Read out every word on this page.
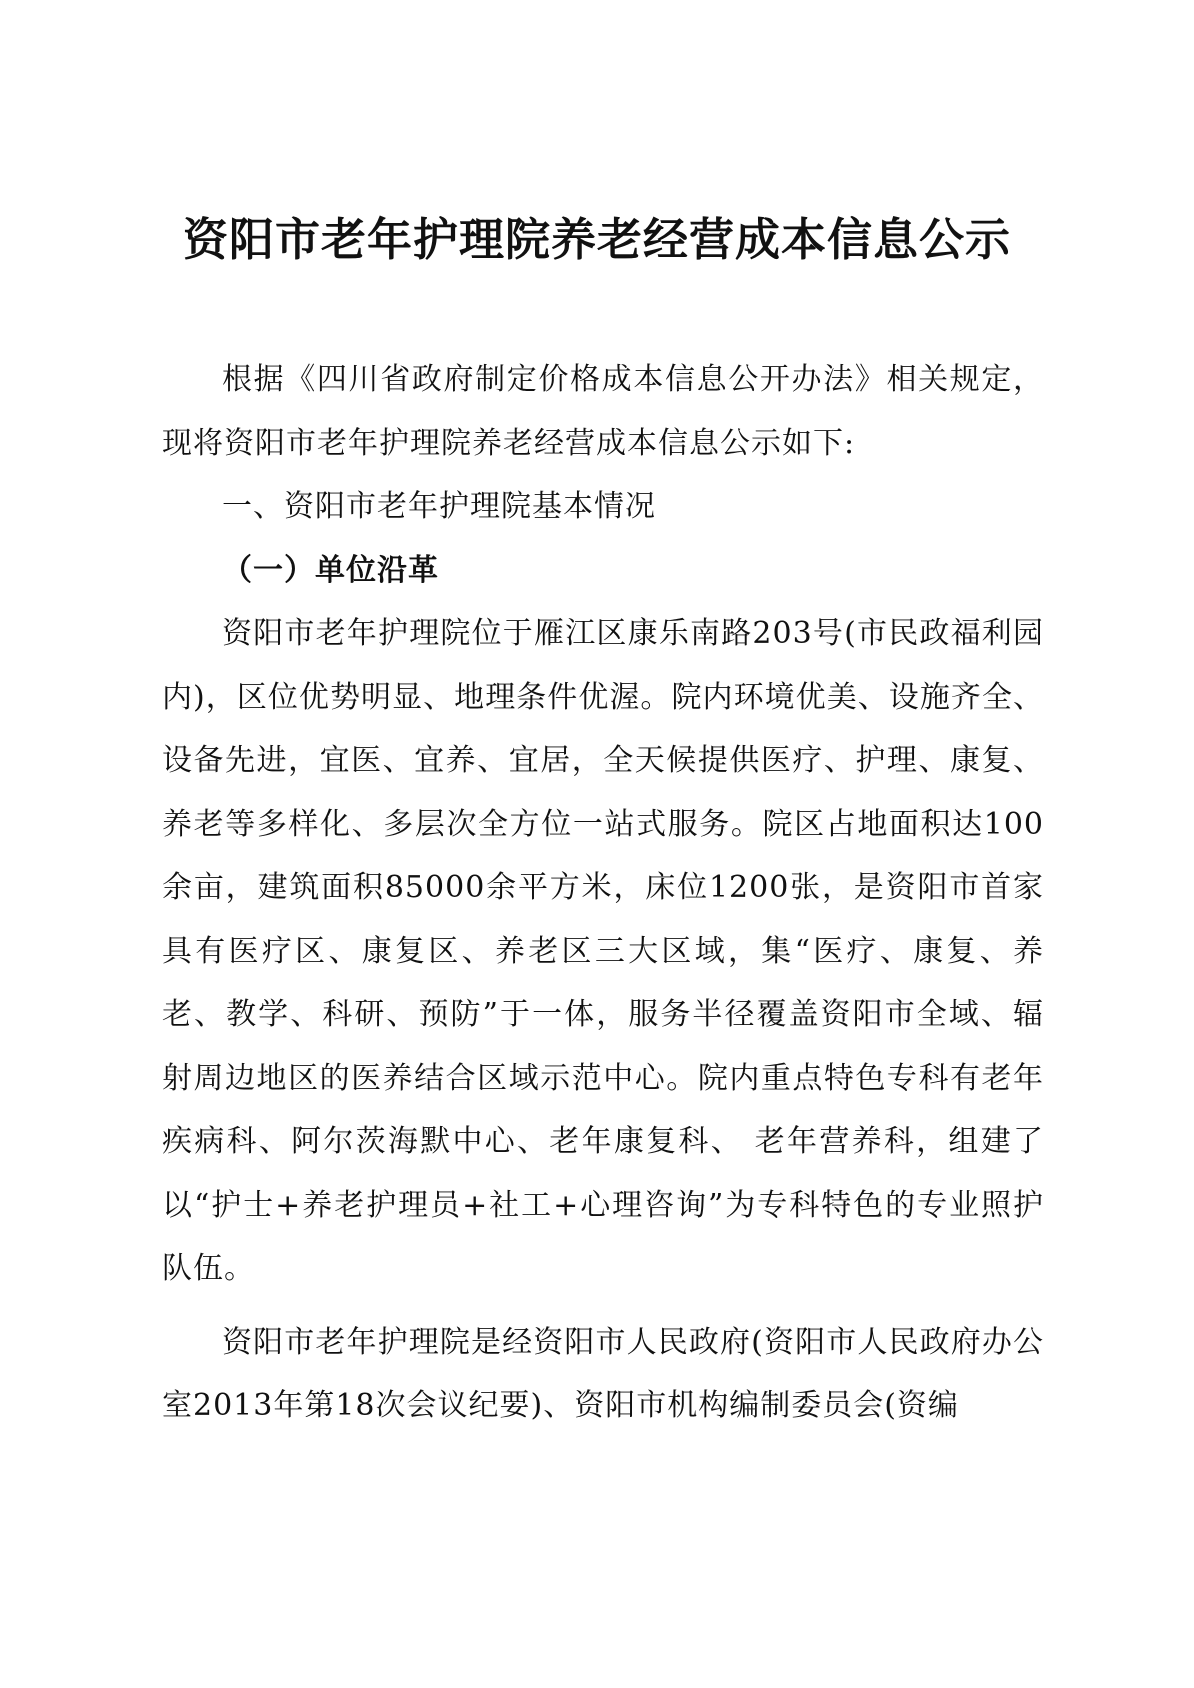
资阳市老年护理院养老经营成本信息公示

根据《四川省政府制定价格成本信息公开办法》相关规定，现将资阳市老年护理院养老经营成本信息公示如下:

一、资阳市老年护理院基本情况

（一）单位沿革

资阳市老年护理院位于雁江区康乐南路203号(市民政福利园内)，区位优势明显、地理条件优渥。院内环境优美、设施齐全、设备先进，宜医、宜养、宜居，全天候提供医疗、护理、康复、养老等多样化、多层次全方位一站式服务。院区占地面积达100余亩，建筑面积85000余平方米，床位1200张，是资阳市首家具有医疗区、康复区、养老区三大区域，集“医疗、康复、养老、教学、科研、预防”于一体，服务半径覆盖资阳市全域、辐射周边地区的医养结合区域示范中心。院内重点特色专科有老年疾病科、阿尔茨海默中心、老年康复科、 老年营养科，组建了以“护士+养老护理员+社工+心理咨询”为专科特色的专业照护队伍。

资阳市老年护理院是经资阳市人民政府(资阳市人民政府办公室2013年第18次会议纪要)、资阳市机构编制委员会(资编
